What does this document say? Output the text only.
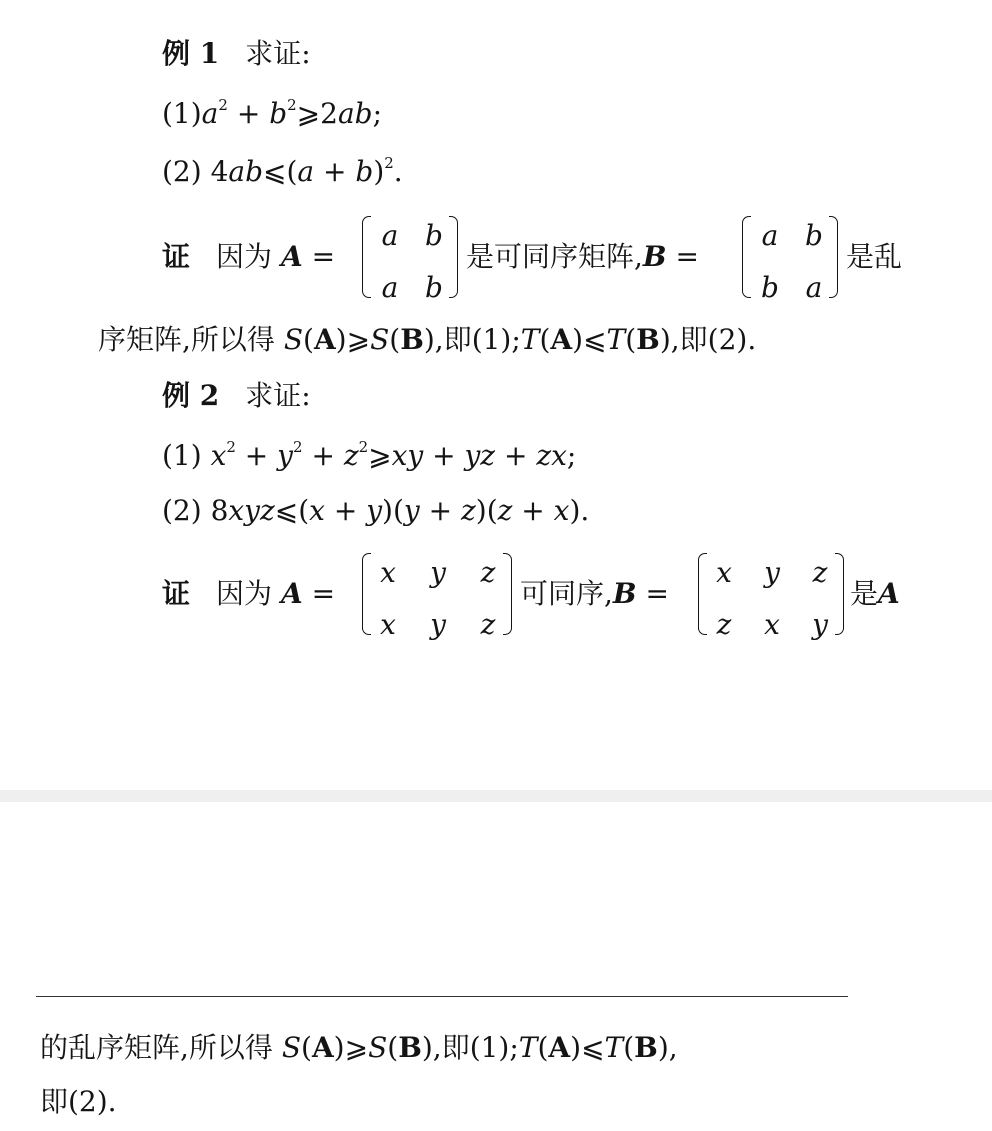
例 1 求证:
$(1)a^2$ + $b^2⩾2ab$;
(2) 4ab⩽(a + b)$^2$.
证 因为 A =
a b
a b
是可同序矩阵,B =
a b
b a
是乱
序矩阵,所以得 S(A)⩾S(B),即(1);T(A)⩽T(B),即(2).
例 2 求证:
(1) $x^2 + y^2$ + $z^2⩾xy$ + yz + zx;
(2) 8xyz⩽(x + y)(y + z)(z + x).
证 因为 A =
x y z
x y z
可同序,B =
x y z
z x y
是A
的乱序矩阵,所以得 S(A)⩾S(B),即(1);T(A)⩽T(B),
即(2).
